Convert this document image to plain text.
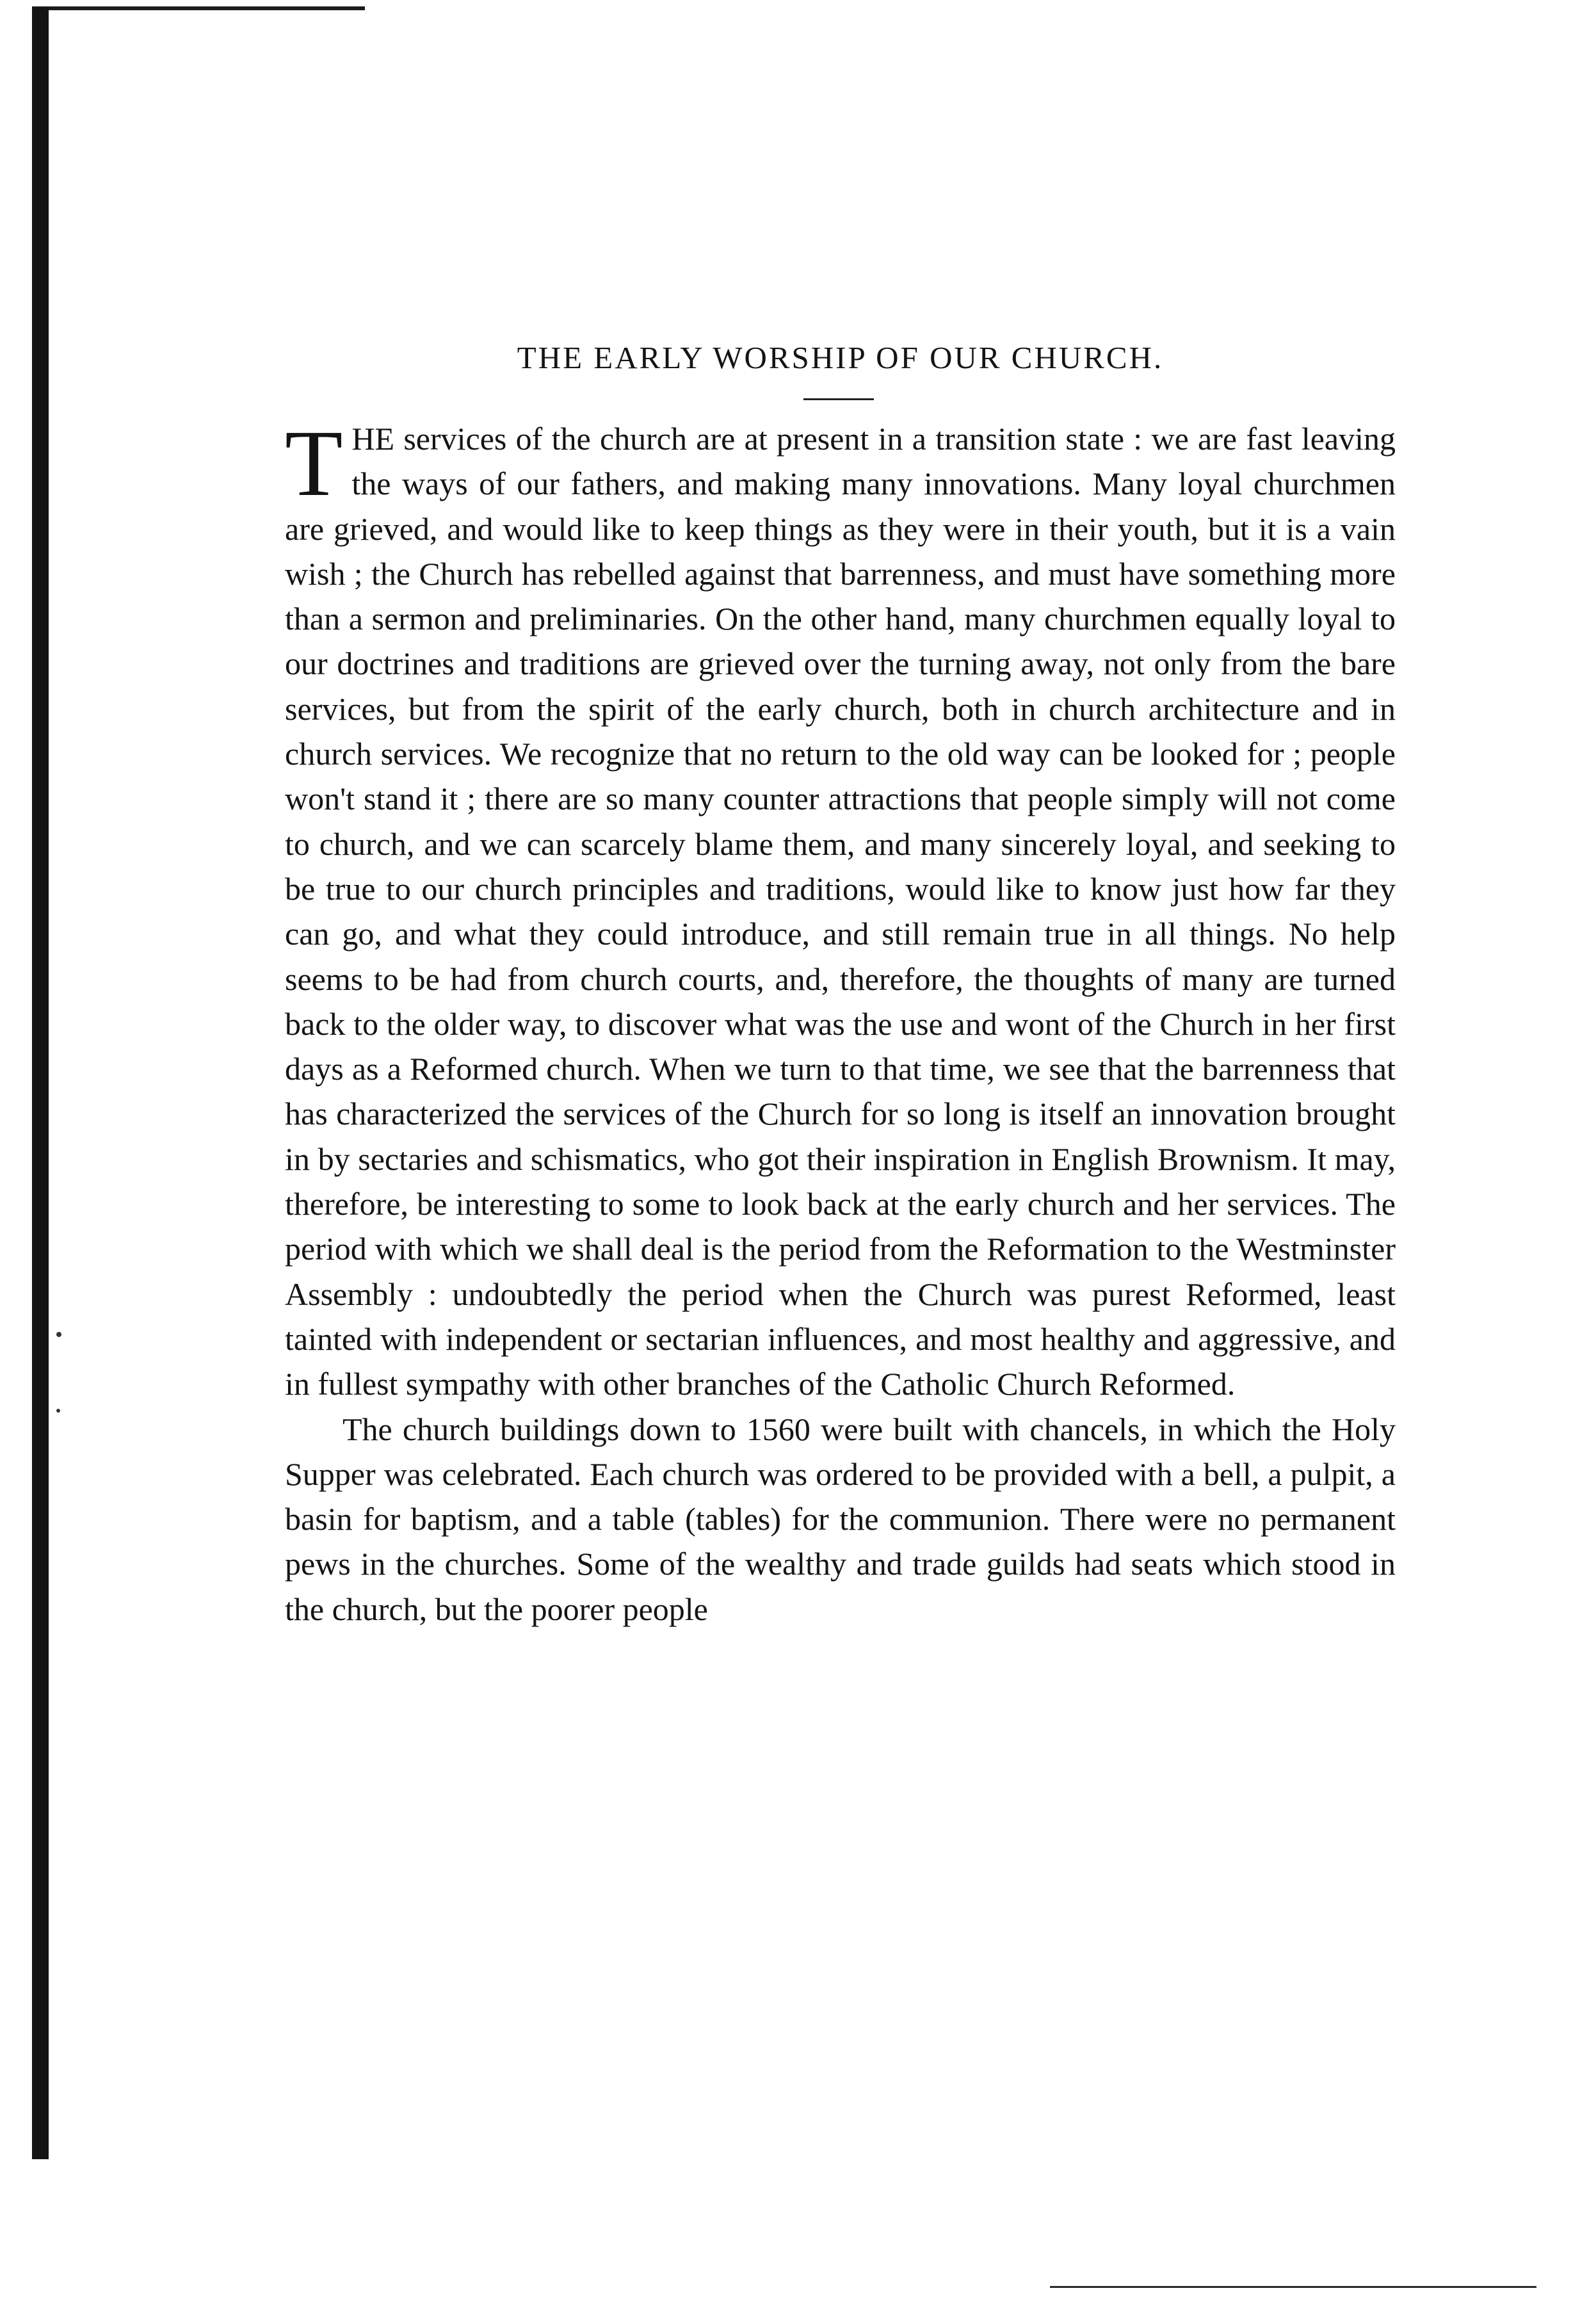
THE EARLY WORSHIP OF OUR CHURCH.

THE services of the church are at present in a transition state : we are fast leaving the ways of our fathers, and making many innovations. Many loyal churchmen are grieved, and would like to keep things as they were in their youth, but it is a vain wish ; the Church has rebelled against that barrenness, and must have something more than a sermon and preliminaries. On the other hand, many churchmen equally loyal to our doctrines and traditions are grieved over the turning away, not only from the bare services, but from the spirit of the early church, both in church architecture and in church services. We recognize that no return to the old way can be looked for ; people won't stand it ; there are so many counter attractions that people simply will not come to church, and we can scarcely blame them, and many sincerely loyal, and seeking to be true to our church principles and traditions, would like to know just how far they can go, and what they could introduce, and still remain true in all things. No help seems to be had from church courts, and, therefore, the thoughts of many are turned back to the older way, to discover what was the use and wont of the Church in her first days as a Reformed church. When we turn to that time, we see that the barrenness that has characterized the services of the Church for so long is itself an innovation brought in by sectaries and schismatics, who got their inspiration in English Brownism. It may, therefore, be interesting to some to look back at the early church and her services. The period with which we shall deal is the period from the Reformation to the Westminster Assembly : undoubtedly the period when the Church was purest Reformed, least tainted with independent or sectarian influences, and most healthy and aggressive, and in fullest sympathy with other branches of the Catholic Church Reformed.

The church buildings down to 1560 were built with chancels, in which the Holy Supper was celebrated. Each church was ordered to be provided with a bell, a pulpit, a basin for baptism, and a table (tables) for the communion. There were no permanent pews in the churches. Some of the wealthy and trade guilds had seats which stood in the church, but the poorer people
